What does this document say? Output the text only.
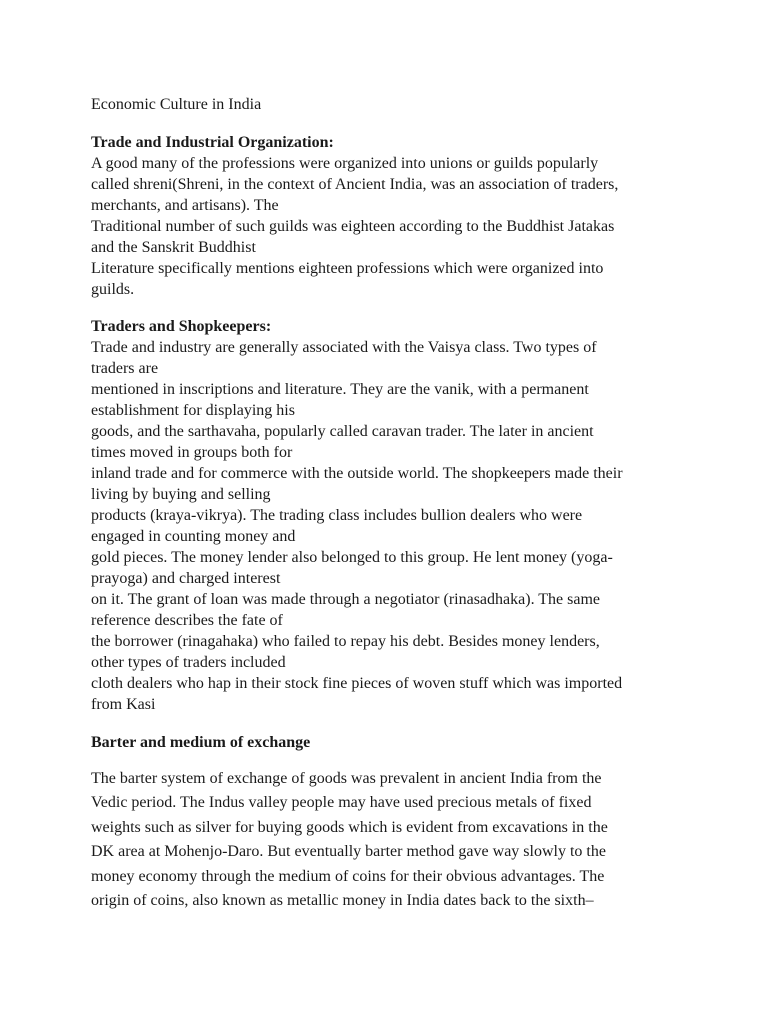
Economic Culture in India
Trade and Industrial Organization:
A good many of the professions were organized into unions or guilds popularly
called shreni(Shreni, in the context of Ancient India, was an association of traders,
merchants, and artisans). The
Traditional number of such guilds was eighteen according to the Buddhist Jatakas
and the Sanskrit Buddhist
Literature specifically mentions eighteen professions which were organized into
guilds.
Traders and Shopkeepers:
Trade and industry are generally associated with the Vaisya class. Two types of
traders are
mentioned in inscriptions and literature. They are the vanik, with a permanent
establishment for displaying his
goods, and the sarthavaha, popularly called caravan trader. The later in ancient
times moved in groups both for
inland trade and for commerce with the outside world. The shopkeepers made their
living by buying and selling
products (kraya-vikrya). The trading class includes bullion dealers who were
engaged in counting money and
gold pieces. The money lender also belonged to this group. He lent money (yoga-
prayoga) and charged interest
on it. The grant of loan was made through a negotiator (rinasadhaka). The same
reference describes the fate of
the borrower (rinagahaka) who failed to repay his debt. Besides money lenders,
other types of traders included
cloth dealers who hap in their stock fine pieces of woven stuff which was imported
from Kasi
Barter and medium of exchange
The barter system of exchange of goods was prevalent in ancient India from the
Vedic period. The Indus valley people may have used precious metals of fixed
weights such as silver for buying goods which is evident from excavations in the
DK area at Mohenjo-Daro. But eventually barter method gave way slowly to the
money economy through the medium of coins for their obvious advantages. The
origin of coins, also known as metallic money in India dates back to the sixth–
